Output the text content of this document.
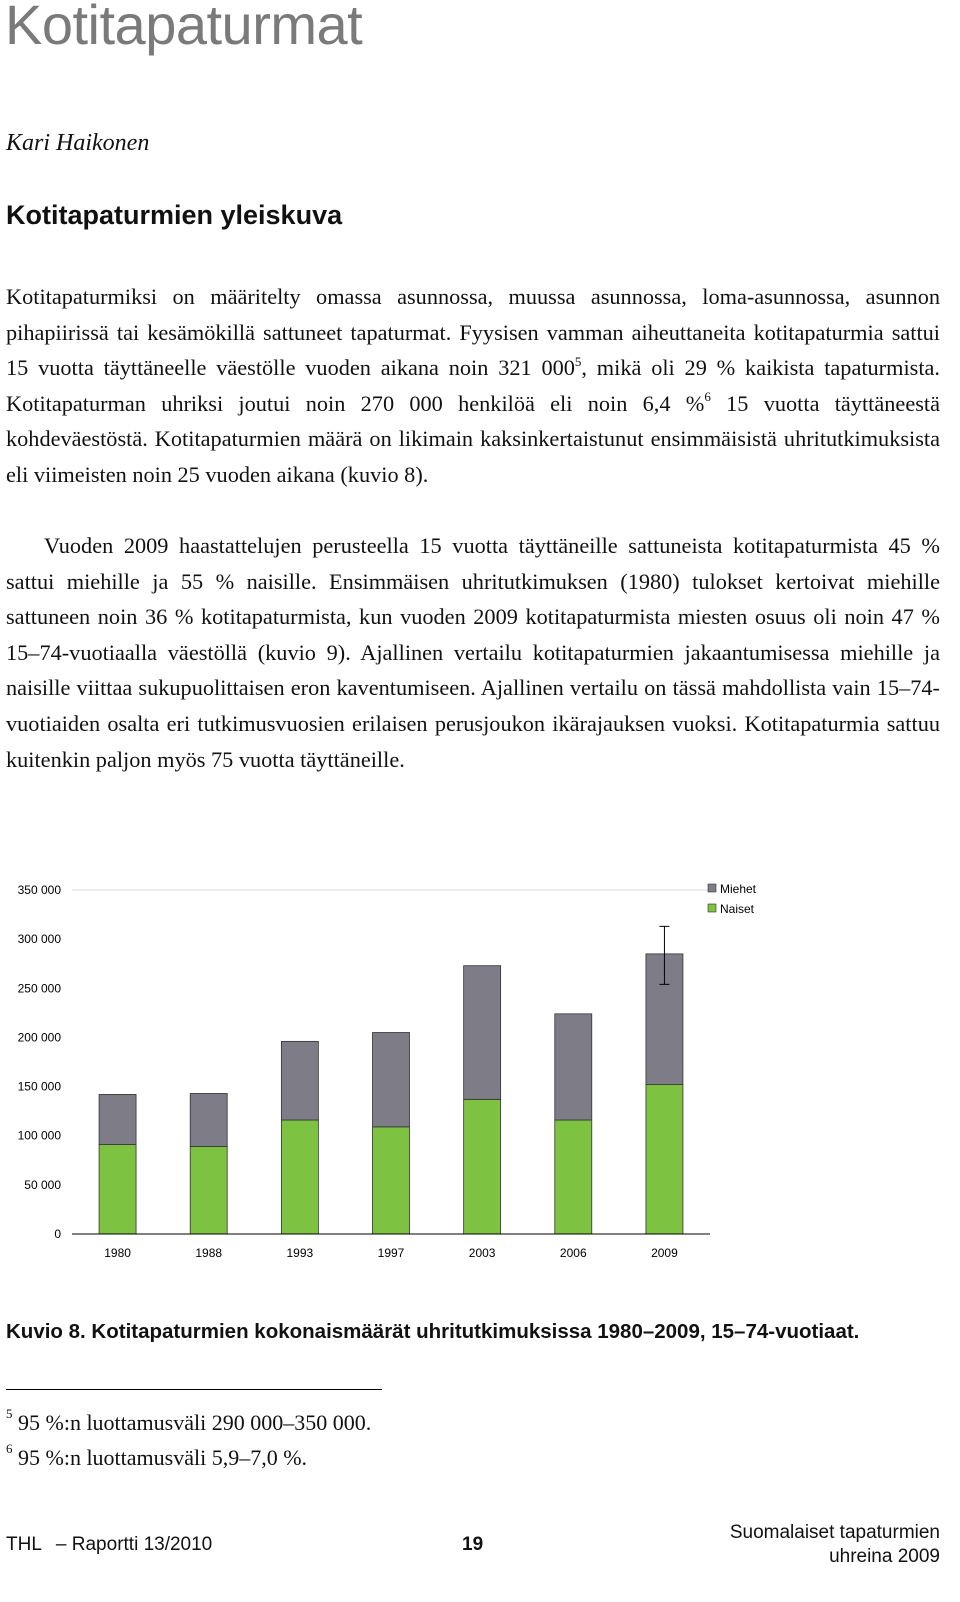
Kotitapaturmat
Kari Haikonen
Kotitapaturmien yleiskuva

Kotitapaturmiksi on määritelty omassa asunnossa, muussa asunnossa, loma-asunnossa, asunnon pihapiirissä tai kesämökillä sattuneet tapaturmat. Fyysisen vamman aiheuttaneita kotitapaturmia sattui 15 vuotta täyttäneelle väestölle vuoden aikana noin 321 $000^5$, mikä oli 29 % kaikista tapaturmista. Kotitapaturman uhriksi joutui noin 270 000 henkilöä eli noin 6,4 %$^6$ 15 vuotta täyttäneestä kohdeväestöstä. Kotitapaturmien määrä on likimain kaksinkertaistunut ensimmäisistä uhritutkimuksista eli viimeisten noin 25 vuoden aikana (kuvio 8).

Vuoden 2009 haastattelujen perusteella 15 vuotta täyttäneille sattuneista kotitapaturmista 45 % sattui miehille ja 55 % naisille. Ensimmäisen uhritutkimuksen (1980) tulokset kertoivat miehille sattuneen noin 36 % kotitapaturmista, kun vuoden 2009 kotitapaturmista miesten osuus oli noin 47 % 15–74-vuotiaalla väestöllä (kuvio 9). Ajallinen vertailu kotitapaturmien jakaantumisessa miehille ja naisille viittaa sukupuolittaisen eron kaventumiseen. Ajallinen vertailu on tässä mahdollista vain 15–74-vuotiaiden osalta eri tutkimusvuosien erilaisen perusjoukon ikärajauksen vuoksi. Kotitapaturmia sattuu kuitenkin paljon myös 75 vuotta täyttäneille.

0
50 000
100 000
150 000
200 000
250 000
300 000
350 000
1980	1988	1993	1997	2003	2006	2009
Miehet
Naiset
Kuvio 8. Kotitapaturmien kokonaismäärät uhritutkimuksissa 1980–2009, 15–74-vuotiaat.
$^5$ 95 %:n luottamusväli 290 000–350 000.
$^6$ 95 %:n luottamusväli 5,9–7,0 %.
THL – Raportti 13/2010	19
Suomalaiset tapaturmien
uhreina 2009
